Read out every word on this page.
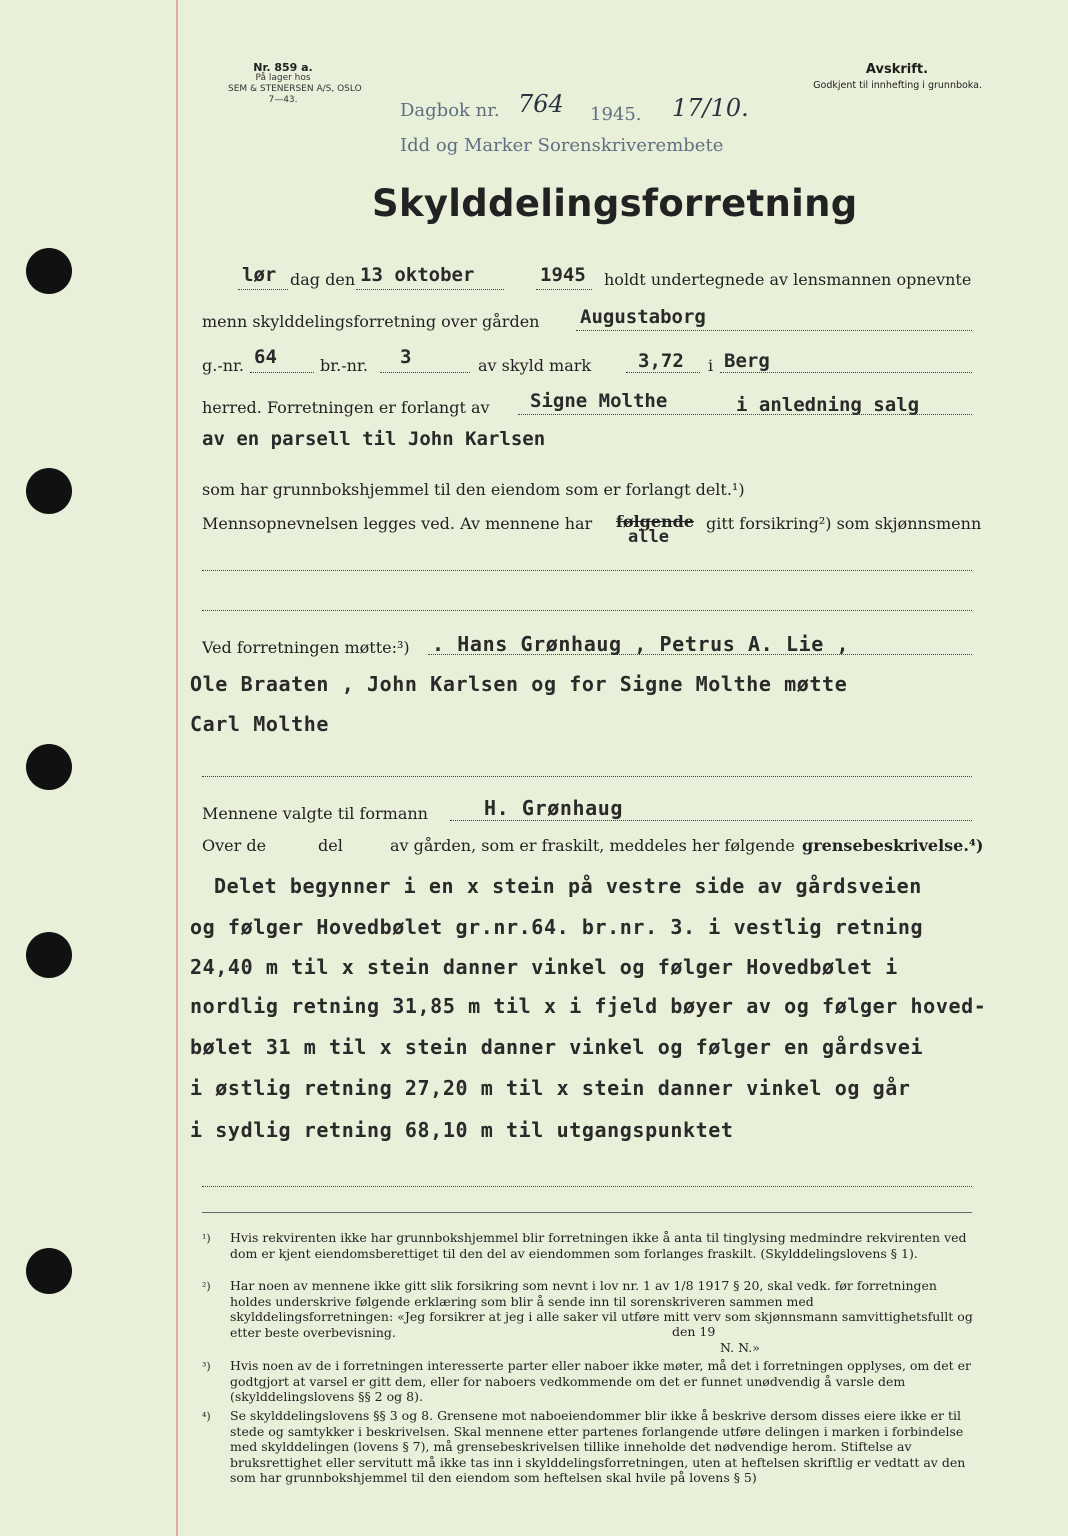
Nr. 859 a.
På lager hos
SEM & STENERSEN A/S, OSLO
7—43.
Avskrift.
Godkjent til innhefting i grunnboka.
Dagbok nr. 764 1945. 17/10.
Idd og Marker Sorenskriverembete
Skylddelingsforretning
lør dag den 13 oktober	1945 holdt undertegnede av lensmannen opnevnte
menn skylddelingsforretning over gården Augustaborg
g.-nr. 64	br.-nr. 3	av skyld mark 3,72 i Berg
herred. Forretningen er forlangt av Signe Molthe	i anledning salg
av en parsell til John Karlsen
som har grunnbokshjemmel til den eiendom som er forlangt delt.¹)
Mennsopnevnelsen legges ved. Av mennene har følgende gitt forsikring²) som skjønnsmenn
alle
Ved forretningen møtte:³) . Hans Grønhaug , Petrus A. Lie ,
Ole Braaten , John Karlsen og for Signe Molthe møtte
Carl Molthe
Mennene valgte til formann	H. Grønhaug
Over de	del	av gården, som er fraskilt, meddeles her følgende grensebeskrivelse.⁴)
Delet begynner i en x stein på vestre side av gårdsveien
og følger Hovedbølet gr.nr.64. br.nr. 3. i vestlig retning
24,40 m til x stein danner vinkel og følger Hovedbølet i
nordlig retning 31,85 m til x i fjeld bøyer av og følger hoved-
bølet 31 m til x stein danner vinkel og følger en gårdsvei
i østlig retning 27,20 m til x stein danner vinkel og går
i sydlig retning 68,10 m til utgangspunktet
¹) Hvis rekvirenten ikke har grunnbokshjemmel blir forretningen ikke å anta til tinglysing medmindre rekvirenten ved dom er kjent eiendomsberettiget til den del av eiendommen som forlanges fraskilt. (Skylddelingslovens § 1).
²) Har noen av mennene ikke gitt slik forsikring som nevnt i lov nr. 1 av 1/8 1917 § 20, skal vedk. før forretningen holdes underskrive følgende erklæring som blir å sende inn til sorenskriveren sammen med skylddelingsforretningen: «Jeg forsikrer at jeg i alle saker vil utføre mitt verv som skjønnsmann samvittighetsfullt og etter beste overbevisning.	den 19
N. N.»
³) Hvis noen av de i forretningen interesserte parter eller naboer ikke møter, må det i forretningen opplyses, om det er godtgjort at varsel er gitt dem, eller for naboers vedkommende om det er funnet unødvendig å varsle dem (skylddelingslovens §§ 2 og 8).
⁴) Se skylddelingslovens §§ 3 og 8. Grensene mot naboeiendommer blir ikke å beskrive dersom disses eiere ikke er til stede og samtykker i beskrivelsen. Skal mennene etter partenes forlangende utføre delingen i marken i forbindelse med skylddelingen (lovens § 7), må grensebeskrivelsen tillike inneholde det nødvendige herom. Stiftelse av bruksrettighet eller servitutt må ikke tas inn i skylddelingsforretningen, uten at heftelsen skriftlig er vedtatt av den som har grunnbokshjemmel til den eiendom som heftelsen skal hvile på lovens § 5)
